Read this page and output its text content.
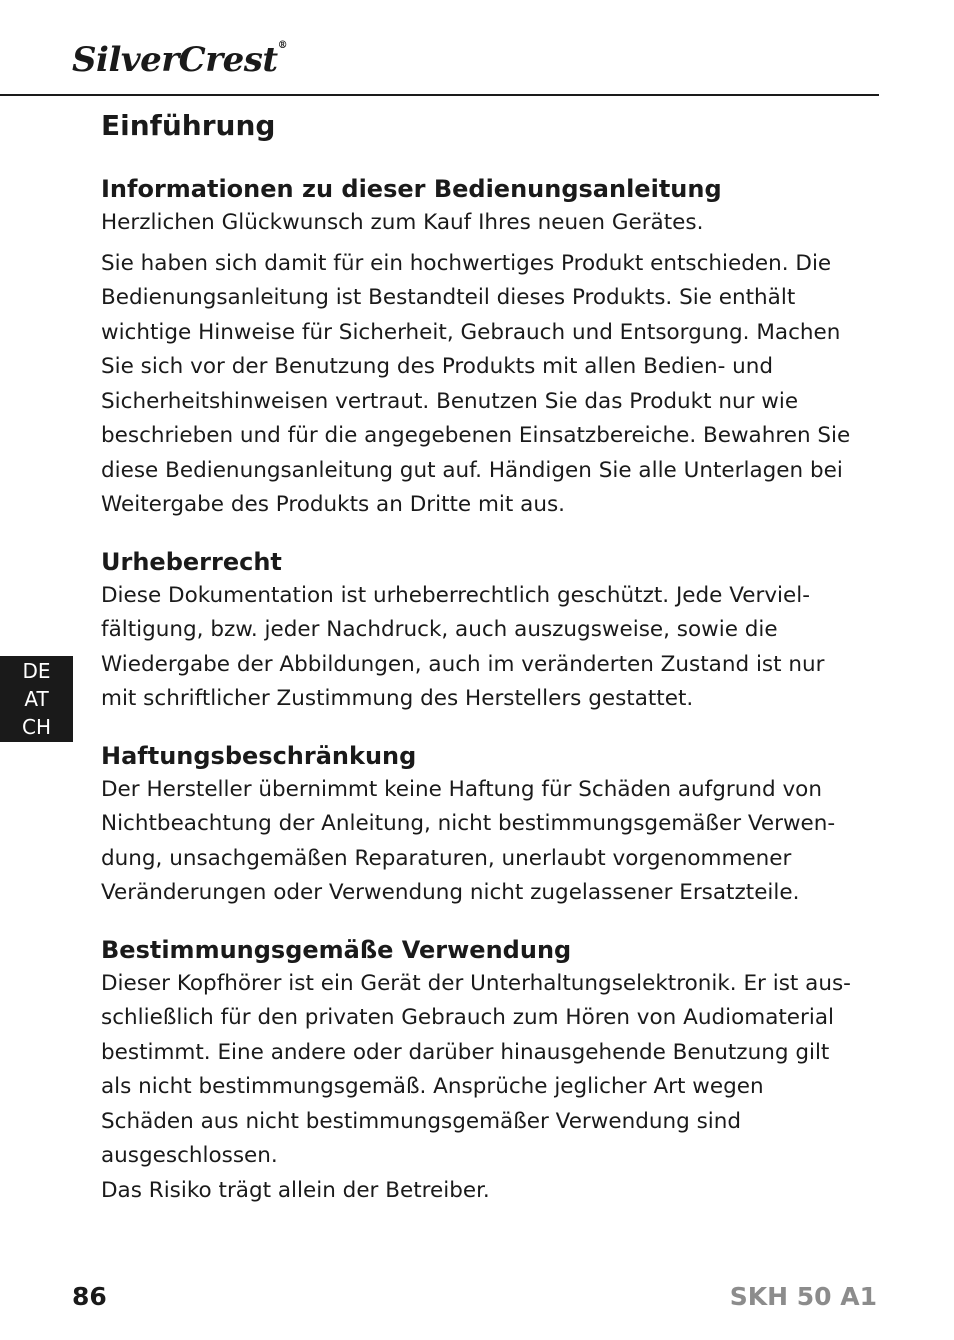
SilverCrest®
Einführung
Informationen zu dieser Bedienungsanleitung

Herzlichen Glückwunsch zum Kauf Ihres neuen Gerätes.

Sie haben sich damit für ein hochwertiges Produkt entschieden. Die Bedienungsanleitung ist Bestandteil dieses Produkts. Sie enthält wichtige Hinweise für Sicherheit, Gebrauch und Entsorgung. Machen Sie sich vor der Benutzung des Produkts mit allen Bedien- und Sicherheitshinweisen vertraut. Benutzen Sie das Produkt nur wie beschrieben und für die angegebenen Einsatzbereiche. Bewahren Sie diese Bedienungsanleitung gut auf. Händigen Sie alle Unterlagen bei Weitergabe des Produkts an Dritte mit aus.

Urheberrecht

Diese Dokumentation ist urheberrechtlich geschützt. Jede Vervielfältigung, bzw. jeder Nachdruck, auch auszugsweise, sowie die Wiedergabe der Abbildungen, auch im veränderten Zustand ist nur mit schriftlicher Zustimmung des Herstellers gestattet.

Haftungsbeschränkung

Der Hersteller übernimmt keine Haftung für Schäden aufgrund von Nichtbeachtung der Anleitung, nicht bestimmungsgemäßer Verwendung, unsachgemäßen Reparaturen, unerlaubt vorgenommener Veränderungen oder Verwendung nicht zugelassener Ersatzteile.

Bestimmungsgemäße Verwendung

Dieser Kopfhörer ist ein Gerät der Unterhaltungselektronik. Er ist ausschließlich für den privaten Gebrauch zum Hören von Audiomaterial bestimmt. Eine andere oder darüber hinausgehende Benutzung gilt als nicht bestimmungsgemäß. Ansprüche jeglicher Art wegen Schäden aus nicht bestimmungsgemäßer Verwendung sind ausgeschlossen.

Das Risiko trägt allein der Betreiber.

DE
AT
CH
86	SKH 50 A1
